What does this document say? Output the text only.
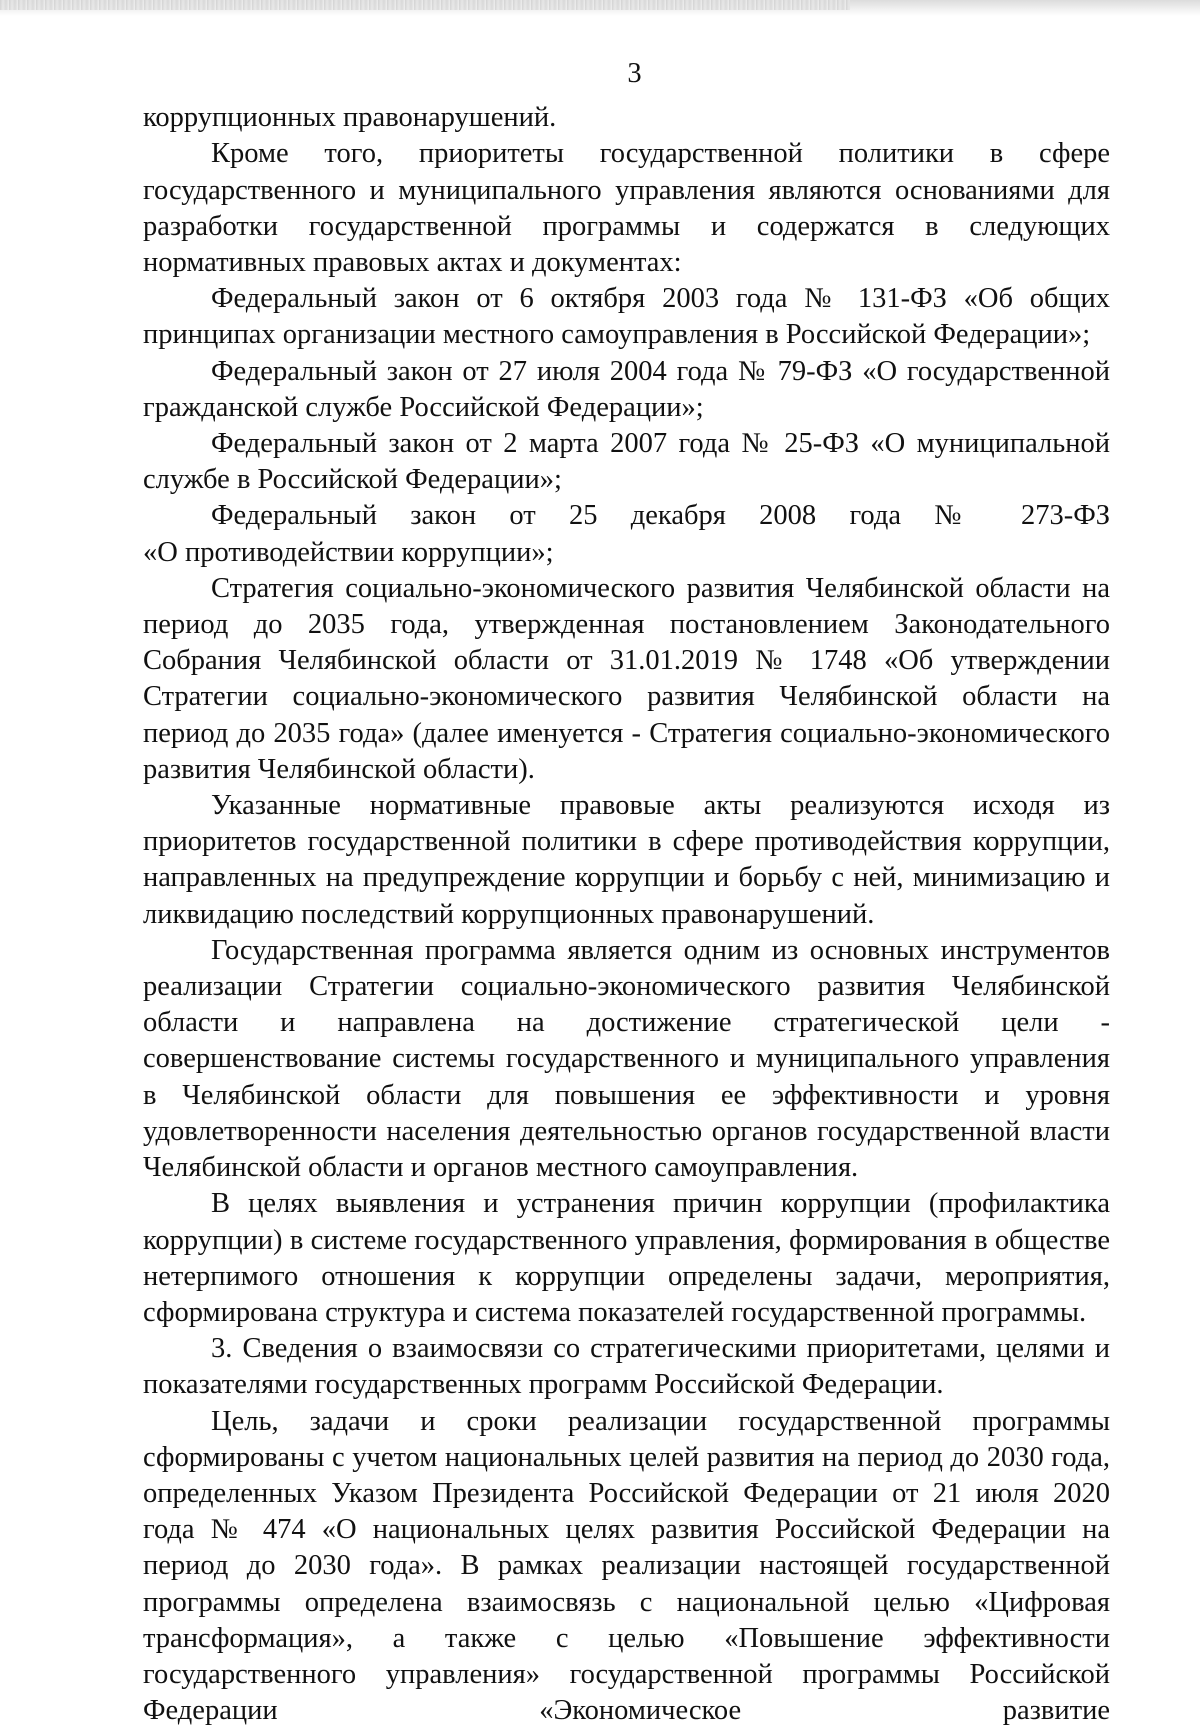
3

коррупционных правонарушений.

Кроме того, приоритеты государственной политики в сфере государственного и муниципального управления являются основаниями для разработки государственной программы и содержатся в следующих нормативных правовых актах и документах:

Федеральный закон от 6 октября 2003 года № 131-ФЗ «Об общих принципах организации местного самоуправления в Российской Федерации»;

Федеральный закон от 27 июля 2004 года № 79-ФЗ «О государственной гражданской службе Российской Федерации»;

Федеральный закон от 2 марта 2007 года № 25-ФЗ «О муниципальной службе в Российской Федерации»;

Федеральный закон от 25 декабря 2008 года № 273-ФЗ

«О противодействии коррупции»;

Стратегия социально-экономического развития Челябинской области на период до 2035 года, утвержденная постановлением Законодательного Собрания Челябинской области от 31.01.2019 № 1748 «Об утверждении Стратегии социально-экономического развития Челябинской области на период до 2035 года» (далее именуется - Стратегия социально-экономического развития Челябинской области).

Указанные нормативные правовые акты реализуются исходя из приоритетов государственной политики в сфере противодействия коррупции, направленных на предупреждение коррупции и борьбу с ней, минимизацию и ликвидацию последствий коррупционных правонарушений.

Государственная программа является одним из основных инструментов реализации Стратегии социально-экономического развития Челябинской области и направлена на достижение стратегической цели - совершенствование системы государственного и муниципального управления в Челябинской области для повышения ее эффективности и уровня удовлетворенности населения деятельностью органов государственной власти Челябинской области и органов местного самоуправления.

В целях выявления и устранения причин коррупции (профилактика коррупции) в системе государственного управления, формирования в обществе нетерпимого отношения к коррупции определены задачи, мероприятия, сформирована структура и система показателей государственной программы.

3. Сведения о взаимосвязи со стратегическими приоритетами, целями и показателями государственных программ Российской Федерации.

Цель, задачи и сроки реализации государственной программы сформированы с учетом национальных целей развития на период до 2030 года, определенных Указом Президента Российской Федерации от 21 июля 2020 года № 474 «О национальных целях развития Российской Федерации на период до 2030 года». В рамках реализации настоящей государственной программы определена взаимосвязь с национальной целью «Цифровая трансформация», а также с целью «Повышение эффективности государственного управления» государственной программы Российской Федерации «Экономическое развитие
